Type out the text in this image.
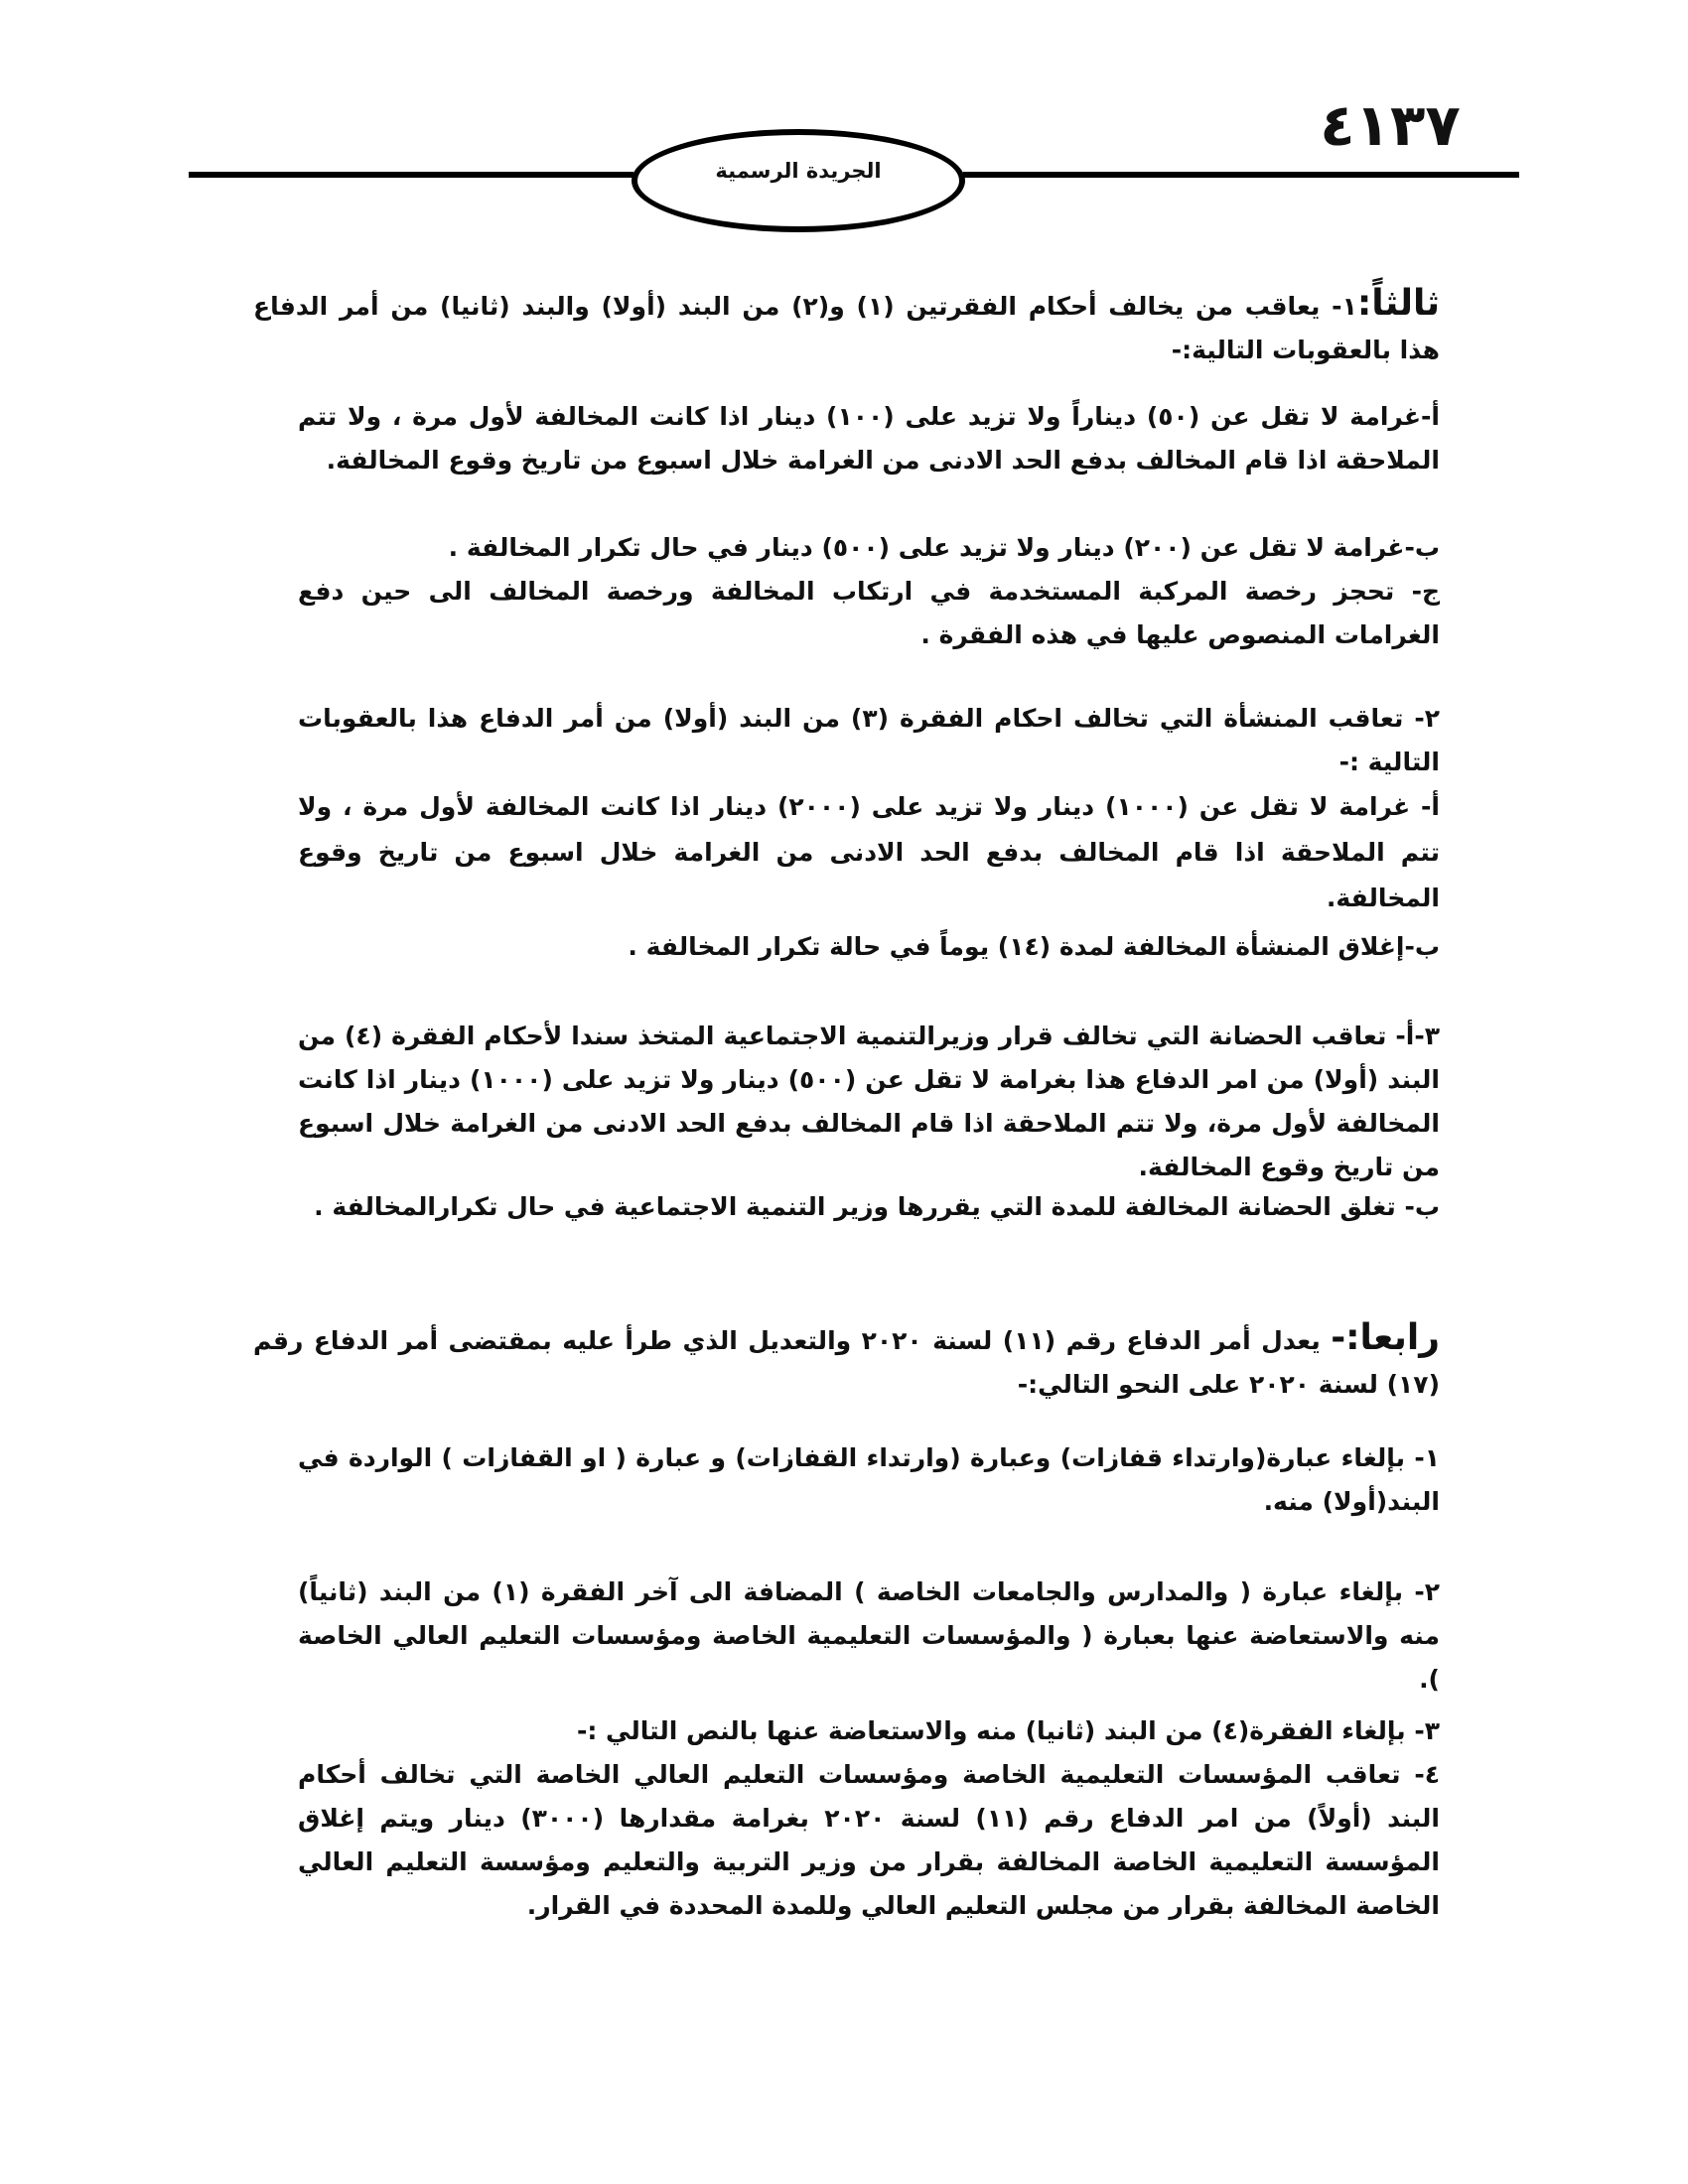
٤١٣٧
الجريدة الرسمية
ثالثاً:١- يعاقب من يخالف أحكام الفقرتين (١) و(٢) من البند (أولا) والبند (ثانيا) من أمر الدفاع هذا بالعقوبات التالية:-
أ-غرامة لا تقل عن (٥٠) ديناراً ولا تزيد على (١٠٠) دينار اذا كانت المخالفة لأول مرة ، ولا تتم الملاحقة اذا قام المخالف بدفع الحد الادنى من الغرامة خلال اسبوع من تاريخ وقوع المخالفة.
ب-غرامة لا تقل عن (٢٠٠) دينار ولا تزيد على (٥٠٠) دينار في حال تكرار المخالفة .
ج- تحجز رخصة المركبة المستخدمة في ارتكاب المخالفة ورخصة المخالف الى حين دفع الغرامات المنصوص عليها في هذه الفقرة .
٢- تعاقب المنشأة التي تخالف احكام الفقرة (٣) من البند (أولا) من أمر الدفاع هذا بالعقوبات التالية :-
أ- غرامة لا تقل عن (١٠٠٠) دينار ولا تزيد على (٢٠٠٠) دينار اذا كانت المخالفة لأول مرة ، ولا تتم الملاحقة اذا قام المخالف بدفع الحد الادنى من الغرامة خلال اسبوع من تاريخ وقوع المخالفة.
ب-إغلاق المنشأة المخالفة لمدة (١٤) يوماً في حالة تكرار المخالفة .
٣-أ- تعاقب الحضانة التي تخالف قرار وزيرالتنمية الاجتماعية المتخذ سندا لأحكام الفقرة (٤) من البند (أولا) من امر الدفاع هذا بغرامة لا تقل عن (٥٠٠) دينار ولا تزيد على (١٠٠٠) دينار اذا كانت المخالفة لأول مرة، ولا تتم الملاحقة اذا قام المخالف بدفع الحد الادنى من الغرامة خلال اسبوع من تاريخ وقوع المخالفة.
ب- تغلق الحضانة المخالفة للمدة التي يقررها وزير التنمية الاجتماعية في حال تكرارالمخالفة .
رابعا:- يعدل أمر الدفاع رقم (١١) لسنة ٢٠٢٠ والتعديل الذي طرأ عليه بمقتضى أمر الدفاع رقم (١٧) لسنة ٢٠٢٠ على النحو التالي:-
١- بإلغاء عبارة(وارتداء قفازات) وعبارة (وارتداء القفازات) و عبارة ( او القفازات ) الواردة في البند(أولا) منه.
٢- بإلغاء عبارة ( والمدارس والجامعات الخاصة ) المضافة الى آخر الفقرة (١) من البند (ثانياً) منه والاستعاضة عنها بعبارة ( والمؤسسات التعليمية الخاصة ومؤسسات التعليم العالي الخاصة ).
٣- بإلغاء الفقرة(٤) من البند (ثانيا) منه والاستعاضة عنها بالنص التالي :-
٤- تعاقب المؤسسات التعليمية الخاصة ومؤسسات التعليم العالي الخاصة التي تخالف أحكام البند (أولاً) من امر الدفاع رقم (١١) لسنة ٢٠٢٠ بغرامة مقدارها (٣٠٠٠) دينار ويتم إغلاق المؤسسة التعليمية الخاصة المخالفة بقرار من وزير التربية والتعليم ومؤسسة التعليم العالي الخاصة المخالفة بقرار من مجلس التعليم العالي وللمدة المحددة في القرار.
